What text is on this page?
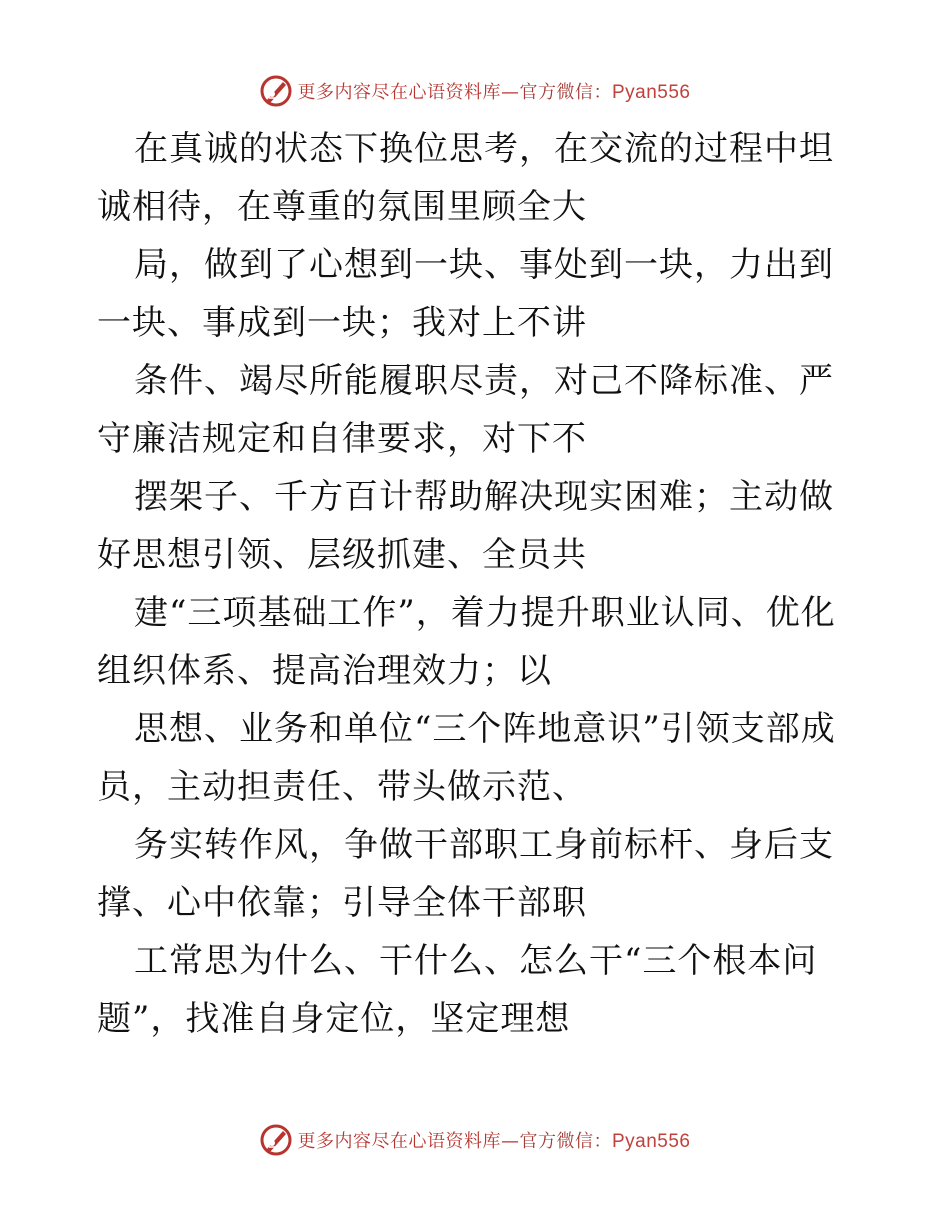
更多内容尽在心语资料库—官方微信：Pyan556

在真诚的状态下换位思考，在交流的过程中坦诚相待，在尊重的氛围里顾全大

局，做到了心想到一块、事处到一块，力出到一块、事成到一块；我对上不讲

条件、竭尽所能履职尽责，对己不降标准、严守廉洁规定和自律要求，对下不

摆架子、千方百计帮助解决现实困难；主动做好思想引领、层级抓建、全员共

建“三项基础工作”，着力提升职业认同、优化组织体系、提高治理效力；以

思想、业务和单位“三个阵地意识”引领支部成员，主动担责任、带头做示范、

务实转作风，争做干部职工身前标杆、身后支撑、心中依靠；引导全体干部职

工常思为什么、干什么、怎么干“三个根本问题”，找准自身定位，坚定理想

更多内容尽在心语资料库—官方微信：Pyan556
